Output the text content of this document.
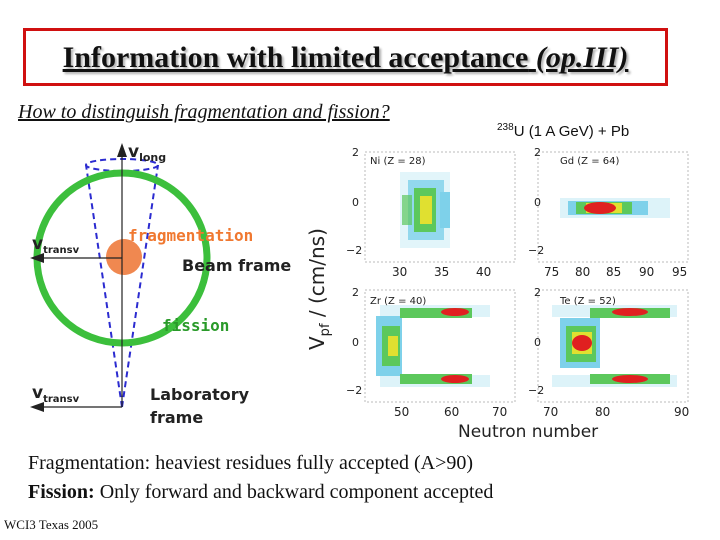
Information with limited acceptance (op.III)
How to distinguish fragmentation and fission?
$^{238}$U (1 A GeV) + Pb
$v_{long}$
$v_{transv}$
$v_{transv}$
fragmentation
Beam frame
fission
Laboratory
frame
$V_{pf} / (cm/ns)$
Ni (Z = 28)
2
0
−2
30 35 40
Gd (Z = 64)
2
0
−2
75 80 85 90 95
Zr (Z = 40)
2
0
−2
50	60	70
Te (Z = 52)
2
0
−2
70	80	90
Neutron number
Fragmentation: heaviest residues fully accepted (A>90)
Fission: Only forward and backward component accepted
WCI3 Texas 2005
